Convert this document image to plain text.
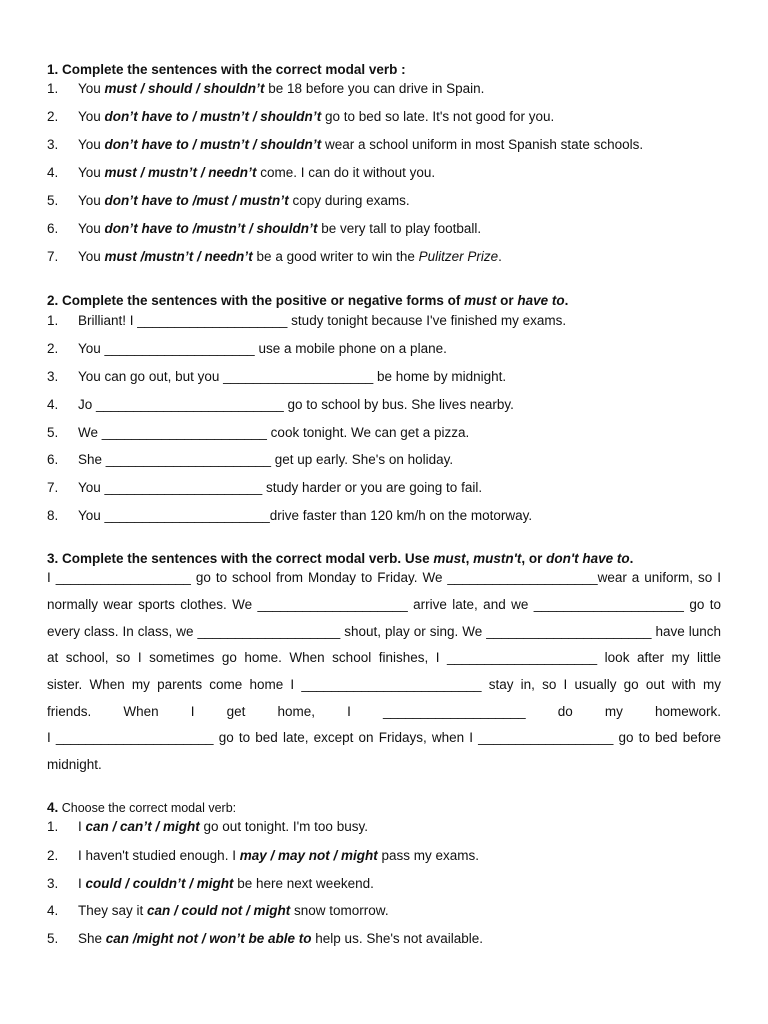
1. Complete the sentences with the correct modal verb :
1. You must / should / shouldn’t be 18 before you can drive in Spain.
2. You don’t have to / mustn’t / shouldn’t go to bed so late. It's not good for you.
3. You don’t have to / mustn’t / shouldn’t wear a school uniform in most Spanish state schools.
4. You must / mustn’t / needn’t come. I can do it without you.
5. You don’t have to /must / mustn’t copy during exams.
6. You don’t have to /mustn’t / shouldn’t be very tall to play football.
7. You must /mustn’t / needn’t be a good writer to win the Pulitzer Prize.
2. Complete the sentences with the positive or negative forms of must or have to.
1. Brilliant! I ____________________ study tonight because I've finished my exams.
2. You ____________________ use a mobile phone on a plane.
3. You can go out, but you ____________________ be home by midnight.
4. Jo _________________________ go to school by bus. She lives nearby.
5. We ______________________ cook tonight. We can get a pizza.
6. She ______________________ get up early. She's on holiday.
7. You _____________________ study harder or you are going to fail.
8. You ______________________drive faster than 120 km/h on the motorway.
3. Complete the sentences with the correct modal verb. Use must, mustn't, or don't have to.
I __________________ go to school from Monday to Friday. We ____________________wear a uniform, so I
normally wear sports clothes. We ____________________ arrive late, and we ____________________ go to
every class. In class, we ___________________ shout, play or sing. We ______________________ have lunch
at school, so I sometimes go home. When school finishes, I ____________________ look after my little
sister. When my parents come home I ________________________ stay in, so I usually go out with my
friends. When I get home, I ___________________ do my homework.
I _____________________ go to bed late, except on Fridays, when I __________________ go to bed before
midnight.
4. Choose the correct modal verb:
1. I can / can’t / might go out tonight. I'm too busy.
2. I haven't studied enough. I may / may not / might pass my exams.
3. I could / couldn’t / might be here next weekend.
4. They say it can / could not / might snow tomorrow.
5. She can /might not / won’t be able to help us. She's not available.
